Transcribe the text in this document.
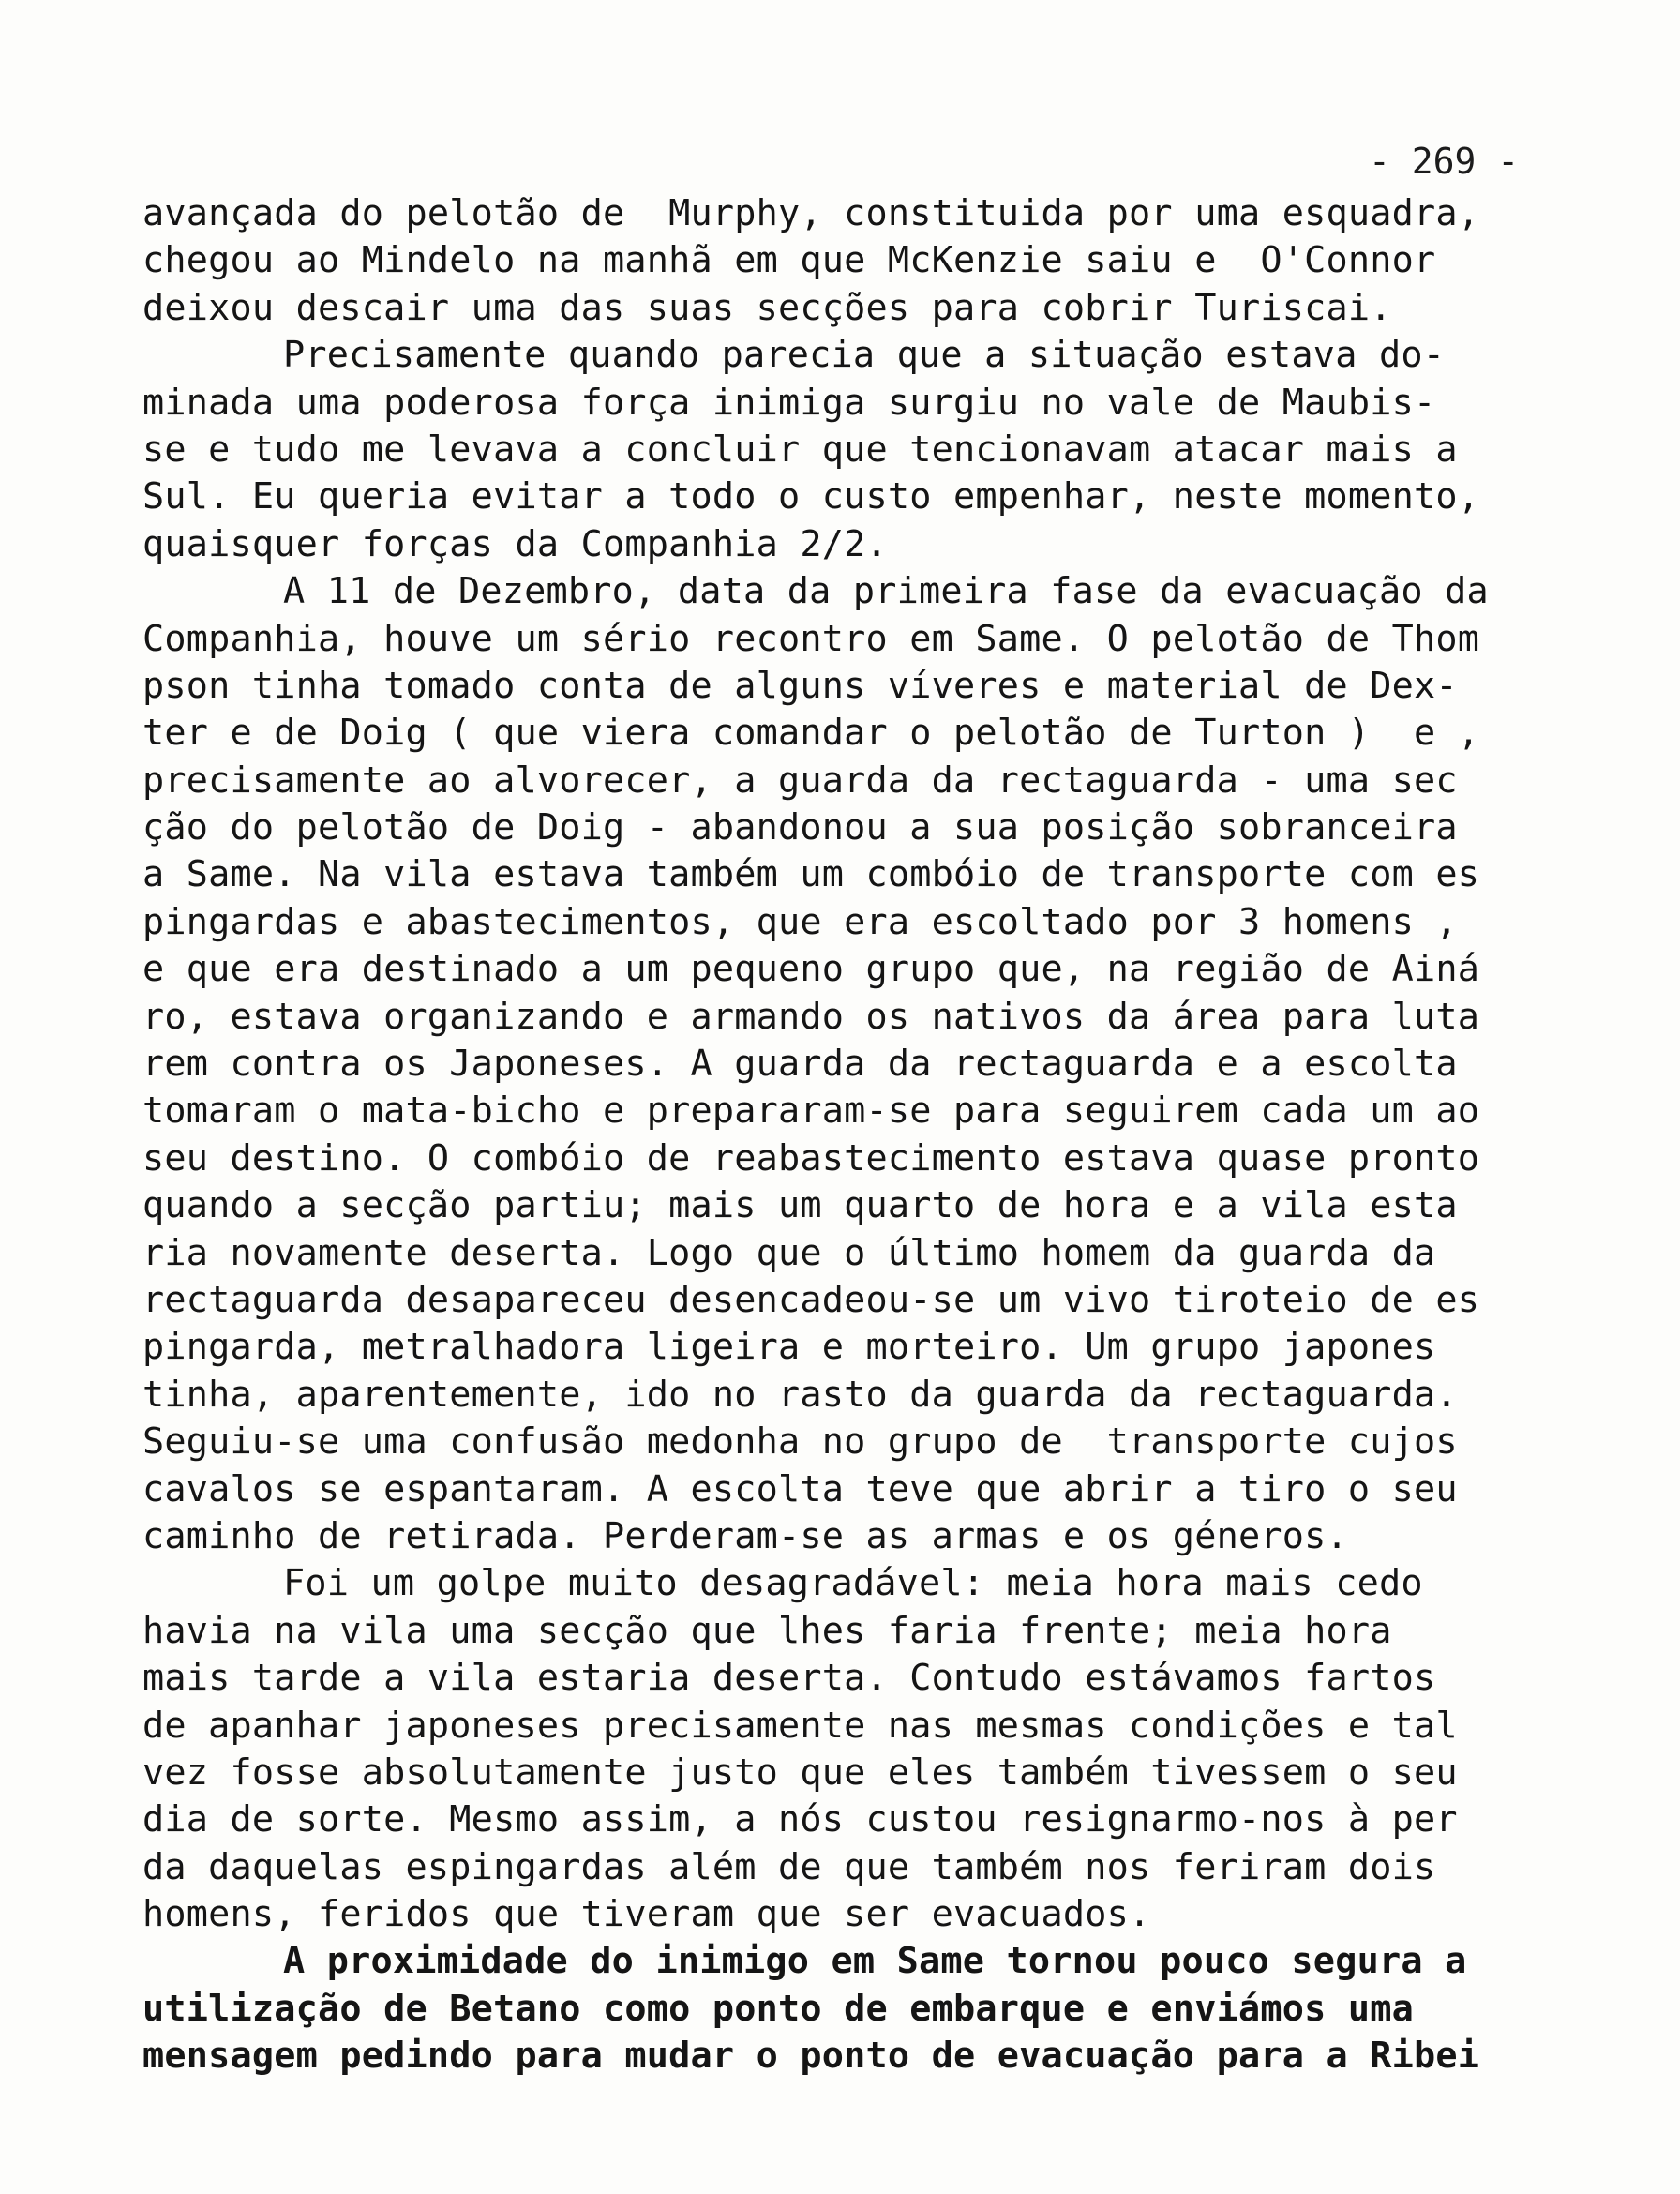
- 269 -
avançada do pelotão de  Murphy, constituida por uma esquadra,
chegou ao Mindelo na manhã em que McKenzie saiu e  O'Connor
deixou descair uma das suas secções para cobrir Turiscai.
Precisamente quando parecia que a situação estava do-
minada uma poderosa força inimiga surgiu no vale de Maubis-
se e tudo me levava a concluir que tencionavam atacar mais a
Sul. Eu queria evitar a todo o custo empenhar, neste momento,
quaisquer forças da Companhia 2/2.
A 11 de Dezembro, data da primeira fase da evacuação da
Companhia, houve um sério recontro em Same. O pelotão de Thom
pson tinha tomado conta de alguns víveres e material de Dex-
ter e de Doig ( que viera comandar o pelotão de Turton )  e ,
precisamente ao alvorecer, a guarda da rectaguarda - uma sec
ção do pelotão de Doig - abandonou a sua posição sobranceira
a Same. Na vila estava também um combóio de transporte com es
pingardas e abastecimentos, que era escoltado por 3 homens ,
e que era destinado a um pequeno grupo que, na região de Ainá
ro, estava organizando e armando os nativos da área para luta
rem contra os Japoneses. A guarda da rectaguarda e a escolta
tomaram o mata-bicho e prepararam-se para seguirem cada um ao
seu destino. O combóio de reabastecimento estava quase pronto
quando a secção partiu; mais um quarto de hora e a vila esta
ria novamente deserta. Logo que o último homem da guarda da
rectaguarda desapareceu desencadeou-se um vivo tiroteio de es
pingarda, metralhadora ligeira e morteiro. Um grupo japones
tinha, aparentemente, ido no rasto da guarda da rectaguarda.
Seguiu-se uma confusão medonha no grupo de  transporte cujos
cavalos se espantaram. A escolta teve que abrir a tiro o seu
caminho de retirada. Perderam-se as armas e os géneros.
Foi um golpe muito desagradável: meia hora mais cedo
havia na vila uma secção que lhes faria frente; meia hora
mais tarde a vila estaria deserta. Contudo estávamos fartos
de apanhar japoneses precisamente nas mesmas condições e tal
vez fosse absolutamente justo que eles também tivessem o seu
dia de sorte. Mesmo assim, a nós custou resignarmo-nos à per
da daquelas espingardas além de que também nos feriram dois
homens, feridos que tiveram que ser evacuados.
A proximidade do inimigo em Same tornou pouco segura a
utilização de Betano como ponto de embarque e enviámos uma
mensagem pedindo para mudar o ponto de evacuação para a Ribei
